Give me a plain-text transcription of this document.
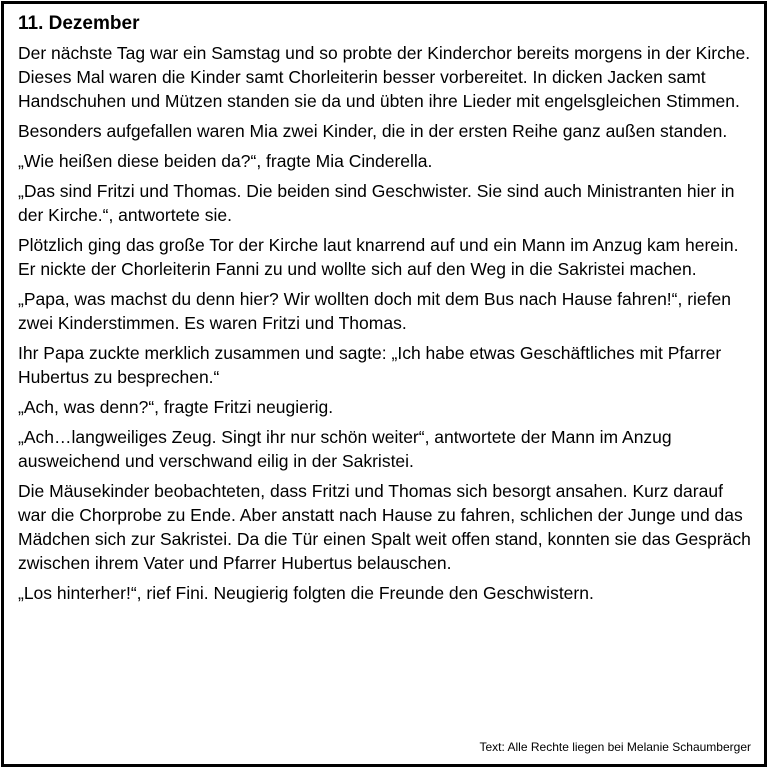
11. Dezember

Der nächste Tag war ein Samstag und so probte der Kinderchor bereits morgens in der Kirche. Dieses Mal waren die Kinder samt Chorleiterin besser vorbereitet. In dicken Jacken samt Handschuhen und Mützen standen sie da und übten ihre Lieder mit engelsgleichen Stimmen.

Besonders aufgefallen waren Mia zwei Kinder, die in der ersten Reihe ganz außen standen.

„Wie heißen diese beiden da?“, fragte Mia Cinderella.

„Das sind Fritzi und Thomas. Die beiden sind Geschwister. Sie sind auch Ministranten hier in der Kirche.“, antwortete sie.

Plötzlich ging das große Tor der Kirche laut knarrend auf und ein Mann im Anzug kam herein. Er nickte der Chorleiterin Fanni zu und wollte sich auf den Weg in die Sakristei machen.

„Papa, was machst du denn hier? Wir wollten doch mit dem Bus nach Hause fahren!“, riefen zwei Kinderstimmen. Es waren Fritzi und Thomas.

Ihr Papa zuckte merklich zusammen und sagte: „Ich habe etwas Geschäftliches mit Pfarrer Hubertus zu besprechen.“

„Ach, was denn?“, fragte Fritzi neugierig.

„Ach…langweiliges Zeug. Singt ihr nur schön weiter“, antwortete der Mann im Anzug ausweichend und verschwand eilig in der Sakristei.

Die Mäusekinder beobachteten, dass Fritzi und Thomas sich besorgt ansahen. Kurz darauf war die Chorprobe zu Ende. Aber anstatt nach Hause zu fahren, schlichen der Junge und das Mädchen sich zur Sakristei. Da die Tür einen Spalt weit offen stand, konnten sie das Gespräch zwischen ihrem Vater und Pfarrer Hubertus belauschen.

„Los hinterher!“, rief Fini. Neugierig folgten die Freunde den Geschwistern.

Text: Alle Rechte liegen bei Melanie Schaumberger
